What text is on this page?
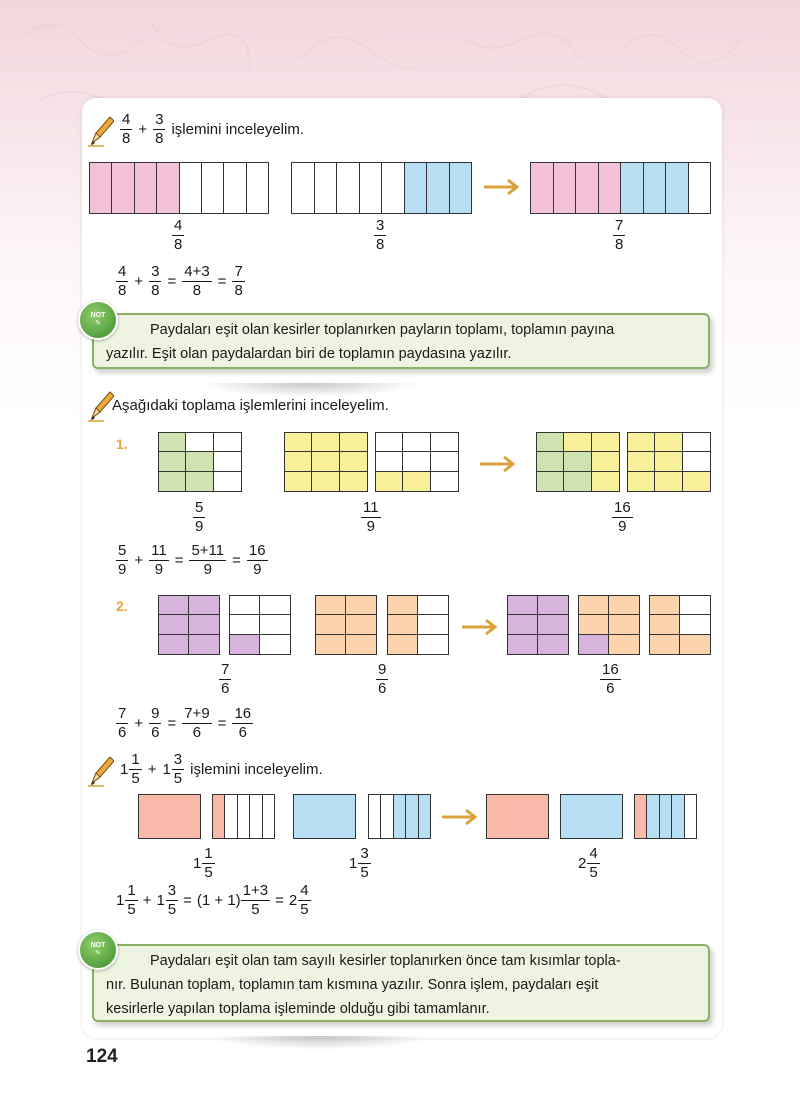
$\frac{4}{8} + \frac{3}{8}$ işlemini inceleyelim.
$\frac{4}{8}$	$\frac{3}{8}$	$\frac{7}{8}$
$\frac{4}{8} + \frac{3}{8} = \frac{4+3}{8} = \frac{7}{8}$
Paydaları eşit olan kesirler toplanırken payların toplamı, toplamın payına
yazılır. Eşit olan paydalardan biri de toplamın paydasına yazılır.
NOT
✎
Aşağıdaki toplama işlemlerini inceleyelim.
1.
$\frac{5}{9}$	$\frac{11}{9}$	$\frac{16}{9}$
$\frac{5}{9} + \frac{11}{9} = \frac{5+11}{9} = \frac{16}{9}$
2.
$\frac{7}{6}$	$\frac{9}{6}$	$\frac{16}{6}$
$\frac{7}{6} + \frac{9}{6} = \frac{7+9}{6} = \frac{16}{6}$
$1 \frac{1}{5} + 1 \frac{3}{5}$ işlemini inceleyelim.
$1 \frac{1}{5}$	$1 \frac{3}{5}$	$2 \frac{4}{5}$
$1 \frac{1}{5} + 1 \frac{3}{5} = (1 + 1) \frac{1+3}{5} = 2 \frac{4}{5}$
Paydaları eşit olan tam sayılı kesirler toplanırken önce tam kısımlar topla-
nır. Bulunan toplam, toplamın tam kısmına yazılır. Sonra işlem, paydaları eşit
kesirlerle yapılan toplama işleminde olduğu gibi tamamlanır.
NOT
✎
124
